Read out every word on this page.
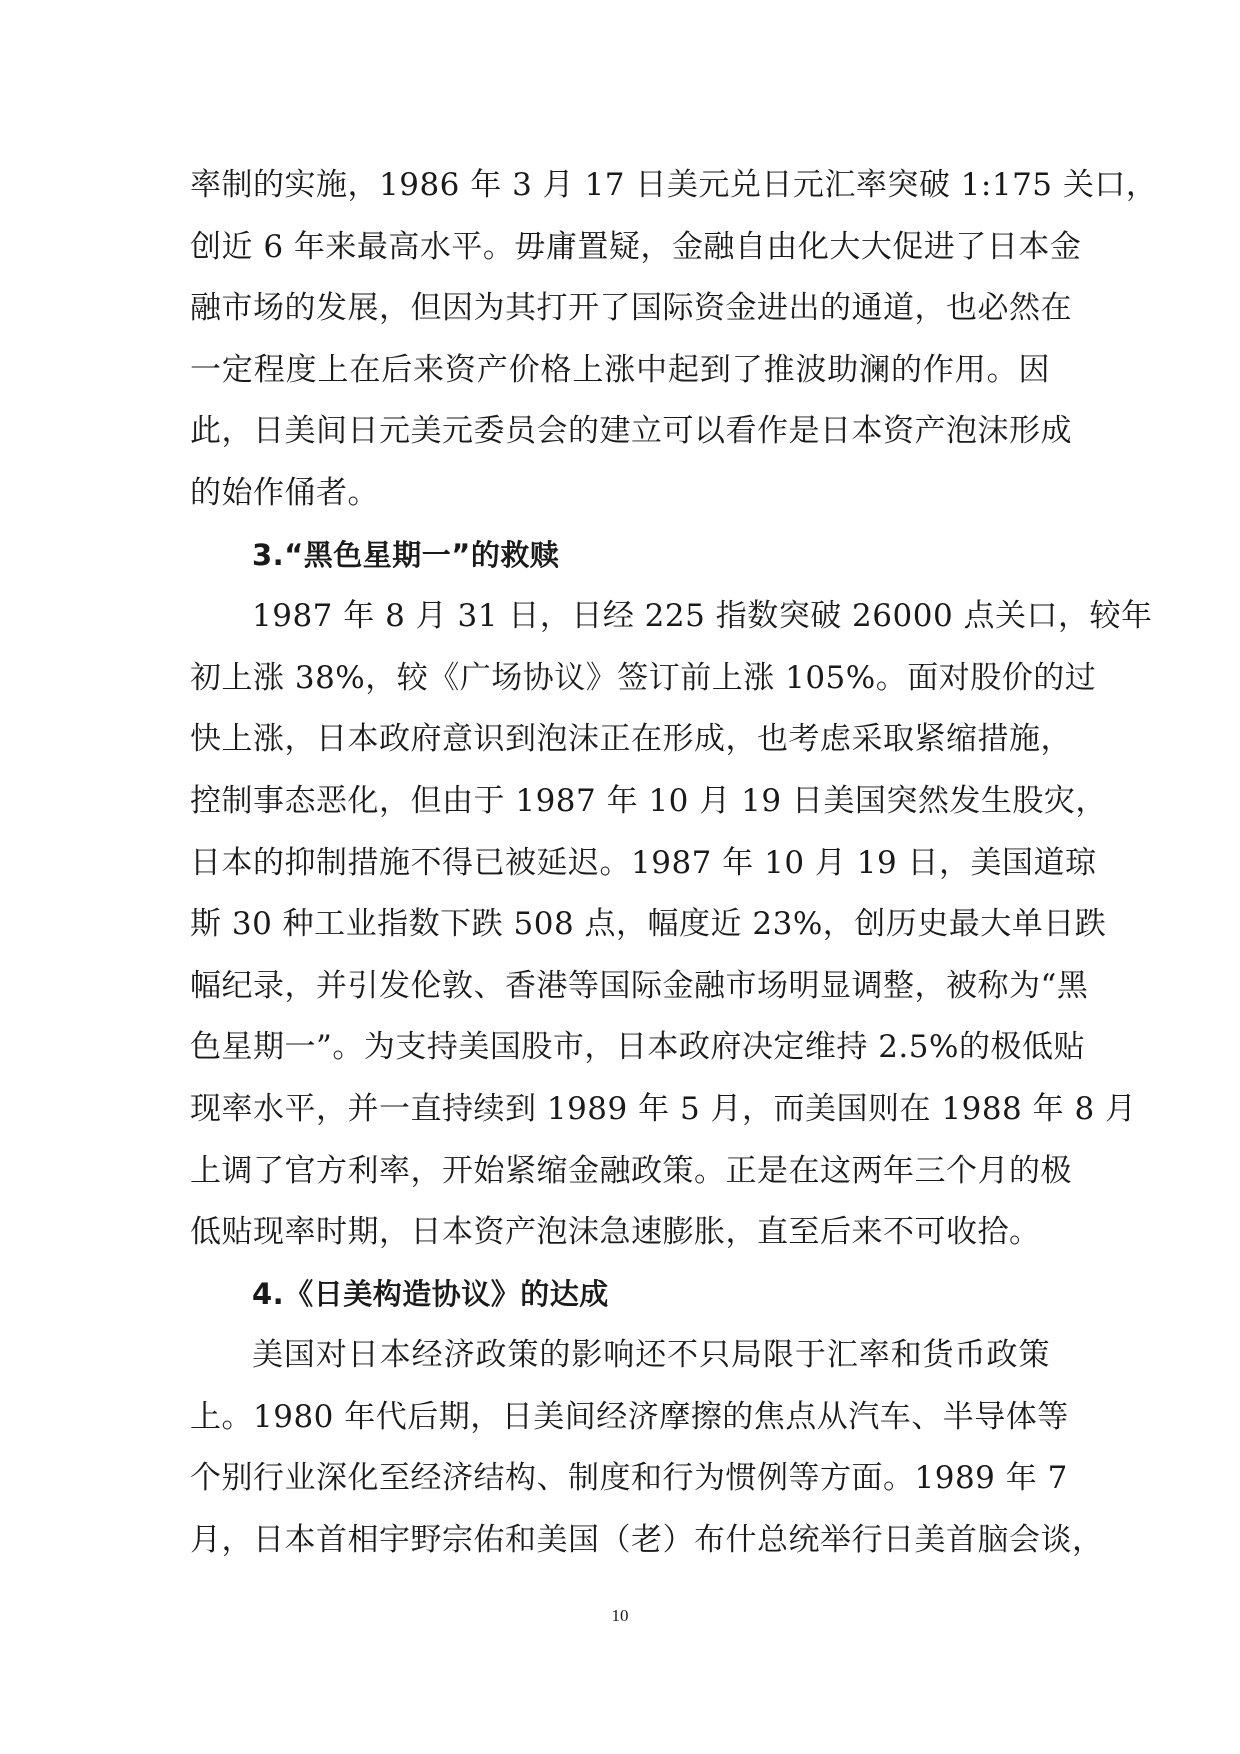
率制的实施，1986 年 3 月 17 日美元兑日元汇率突破 1:175 关口，
创近 6 年来最高水平。毋庸置疑，金融自由化大大促进了日本金
融市场的发展，但因为其打开了国际资金进出的通道，也必然在
一定程度上在后来资产价格上涨中起到了推波助澜的作用。因
此，日美间日元美元委员会的建立可以看作是日本资产泡沫形成
的始作俑者。
3.“黑色星期一”的救赎
1987 年 8 月 31 日，日经 225 指数突破 26000 点关口，较年
初上涨 38%，较《广场协议》签订前上涨 105%。面对股价的过
快上涨，日本政府意识到泡沫正在形成，也考虑采取紧缩措施，
控制事态恶化，但由于 1987 年 10 月 19 日美国突然发生股灾，
日本的抑制措施不得已被延迟。1987 年 10 月 19 日，美国道琼
斯 30 种工业指数下跌 508 点，幅度近 23%，创历史最大单日跌
幅纪录，并引发伦敦、香港等国际金融市场明显调整，被称为“黑
色星期一”。为支持美国股市，日本政府决定维持 2.5%的极低贴
现率水平，并一直持续到 1989 年 5 月，而美国则在 1988 年 8 月
上调了官方利率，开始紧缩金融政策。正是在这两年三个月的极
低贴现率时期，日本资产泡沫急速膨胀，直至后来不可收拾。
4.《日美构造协议》的达成
美国对日本经济政策的影响还不只局限于汇率和货币政策
上。1980 年代后期，日美间经济摩擦的焦点从汽车、半导体等
个别行业深化至经济结构、制度和行为惯例等方面。1989 年 7
月，日本首相宇野宗佑和美国（老）布什总统举行日美首脑会谈，
10
